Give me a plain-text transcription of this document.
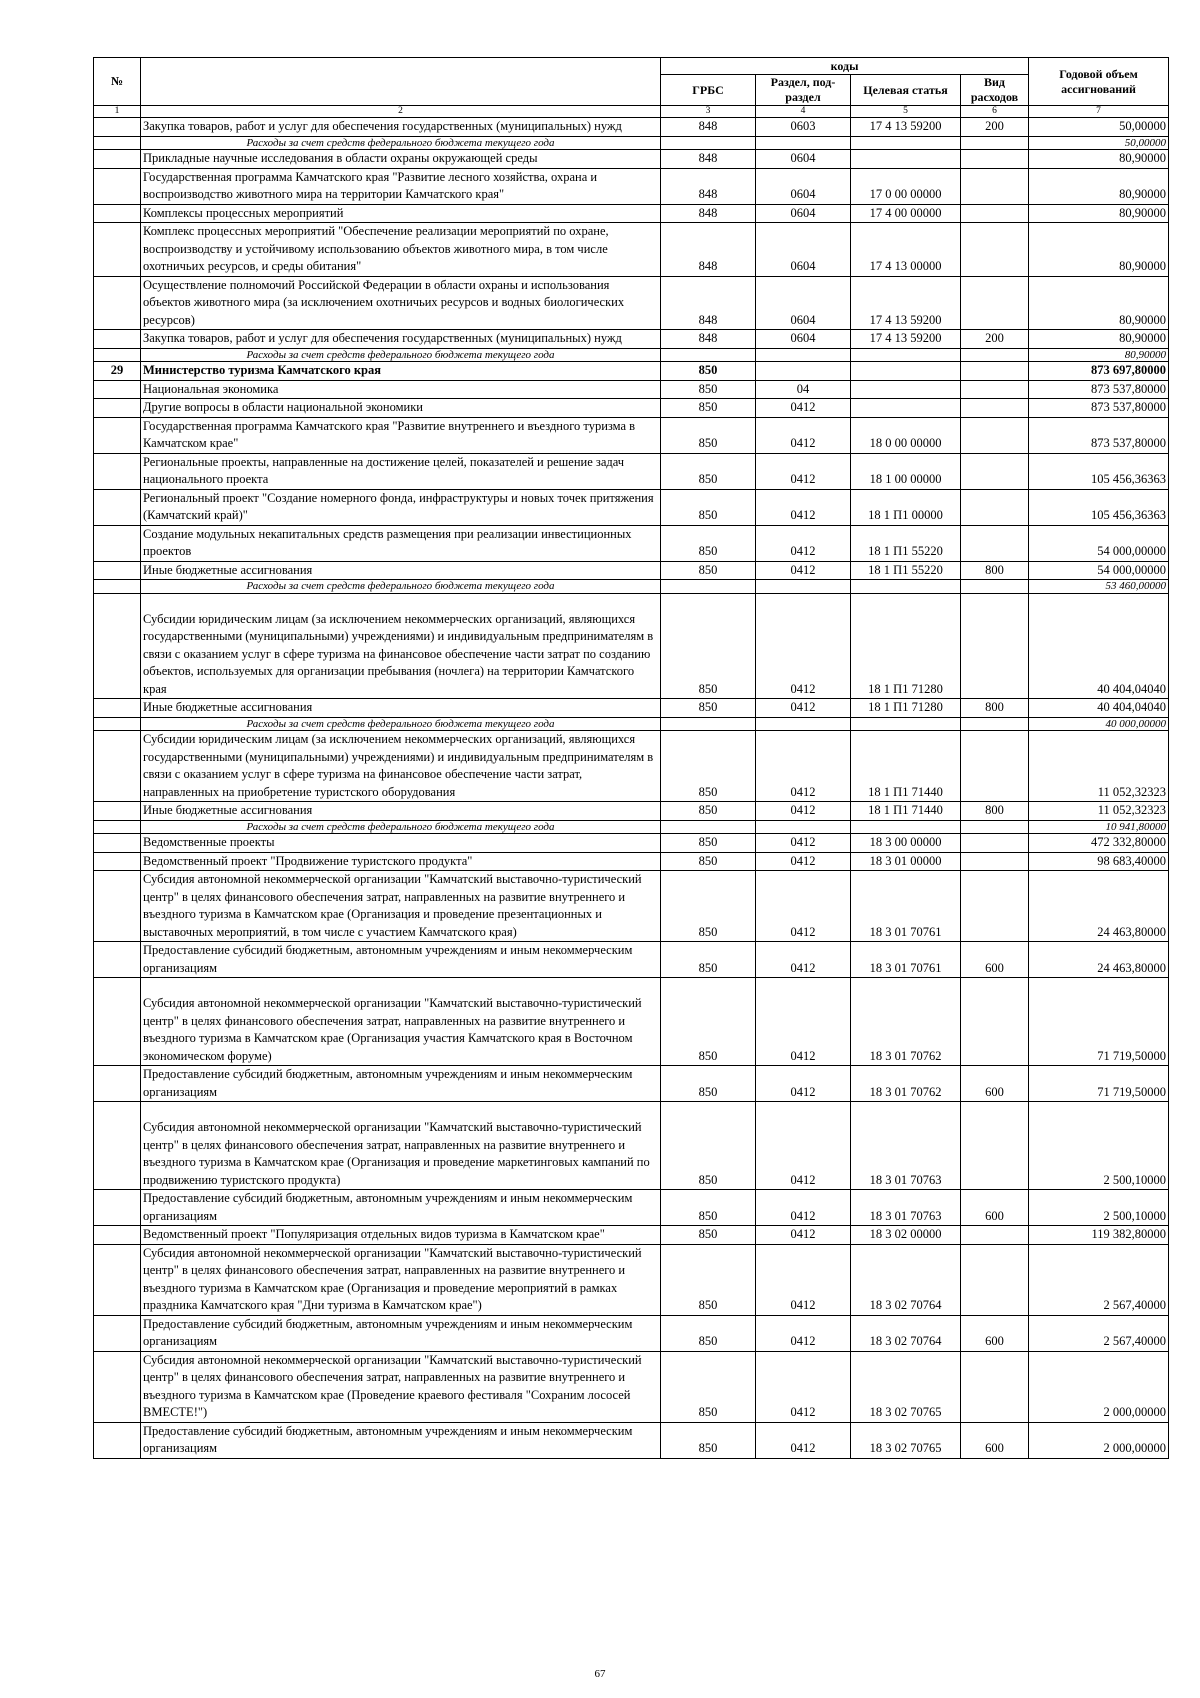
№		коды				Годовой объем ассигнований
		ГРБС	Раздел, под-раздел	Целевая статья	Вид расходов	
1	2	3	4	5	6	7
	Закупка товаров, работ и услуг для обеспечения государственных (муниципальных) нужд	848	0603	17 4 13 59200	200	50,00000
	Расходы за счет средств федерального бюджета текущего года					50,00000
	Прикладные научные исследования в области охраны окружающей среды	848	0604			80,90000
	Государственная программа Камчатского края "Развитие лесного хозяйства, охрана и воспроизводство животного мира на территории Камчатского края"	848	0604	17 0 00 00000		80,90000
	Комплексы процессных мероприятий	848	0604	17 4 00 00000		80,90000
	Комплекс процессных мероприятий "Обеспечение реализации мероприятий по охране, воспроизводству и устойчивому использованию объектов животного мира, в том числе охотничьих ресурсов, и среды обитания"	848	0604	17 4 13 00000		80,90000
	Осуществление полномочий Российской Федерации в области охраны и использования объектов животного мира (за исключением охотничьих ресурсов и водных биологических ресурсов)	848	0604	17 4 13 59200		80,90000
	Закупка товаров, работ и услуг для обеспечения государственных (муниципальных) нужд	848	0604	17 4 13 59200	200	80,90000
	Расходы за счет средств федерального бюджета текущего года					80,90000
29	Министерство туризма Камчатского края	850				873 697,80000
	Национальная экономика	850	04			873 537,80000
	Другие вопросы в области национальной экономики	850	0412			873 537,80000
	Государственная программа Камчатского края "Развитие внутреннего и въездного туризма в Камчатском крае"	850	0412	18 0 00 00000		873 537,80000
	Региональные проекты, направленные на достижение целей, показателей и решение задач национального проекта	850	0412	18 1 00 00000		105 456,36363
	Региональный проект "Создание номерного фонда, инфраструктуры и новых точек притяжения (Камчатский край)"	850	0412	18 1 П1 00000		105 456,36363
	Создание модульных некапитальных средств размещения при реализации инвестиционных проектов	850	0412	18 1 П1 55220		54 000,00000
	Иные бюджетные ассигнования	850	0412	18 1 П1 55220	800	54 000,00000
	Расходы за счет средств федерального бюджета текущего года					53 460,00000
	Субсидии юридическим лицам (за исключением некоммерческих организаций, являющихся государственными (муниципальными) учреждениями) и индивидуальным предпринимателям в связи с оказанием услуг в сфере туризма на финансовое обеспечение части затрат по созданию объектов, используемых для организации пребывания (ночлега) на территории Камчатского края	850	0412	18 1 П1 71280		40 404,04040
	Иные бюджетные ассигнования	850	0412	18 1 П1 71280	800	40 404,04040
	Расходы за счет средств федерального бюджета текущего года					40 000,00000
	Субсидии юридическим лицам (за исключением некоммерческих организаций, являющихся государственными (муниципальными) учреждениями) и индивидуальным предпринимателям в связи с оказанием услуг в сфере туризма на финансовое обеспечение части затрат, направленных на приобретение туристского оборудования	850	0412	18 1 П1 71440		11 052,32323
	Иные бюджетные ассигнования	850	0412	18 1 П1 71440	800	11 052,32323
	Расходы за счет средств федерального бюджета текущего года					10 941,80000
	Ведомственные проекты	850	0412	18 3 00 00000		472 332,80000
	Ведомственный проект "Продвижение туристского продукта"	850	0412	18 3 01 00000		98 683,40000
	Субсидия автономной некоммерческой организации "Камчатский выставочно-туристический центр" в целях финансового обеспечения затрат, направленных на развитие внутреннего и въездного туризма в Камчатском крае (Организация и проведение презентационных и выставочных мероприятий, в том числе с участием Камчатского края)	850	0412	18 3 01 70761		24 463,80000
	Предоставление субсидий бюджетным, автономным учреждениям и иным некоммерческим организациям	850	0412	18 3 01 70761	600	24 463,80000
	Субсидия автономной некоммерческой организации "Камчатский выставочно-туристический центр" в целях финансового обеспечения затрат, направленных на развитие внутреннего и въездного туризма в Камчатском крае (Организация участия Камчатского края в Восточном экономическом форуме)	850	0412	18 3 01 70762		71 719,50000
	Предоставление субсидий бюджетным, автономным учреждениям и иным некоммерческим организациям	850	0412	18 3 01 70762	600	71 719,50000
	Субсидия автономной некоммерческой организации "Камчатский выставочно-туристический центр" в целях финансового обеспечения затрат, направленных на развитие внутреннего и въездного туризма в Камчатском крае (Организация и проведение маркетинговых кампаний по продвижению туристского продукта)	850	0412	18 3 01 70763		2 500,10000
	Предоставление субсидий бюджетным, автономным учреждениям и иным некоммерческим организациям	850	0412	18 3 01 70763	600	2 500,10000
	Ведомственный проект "Популяризация отдельных видов туризма в Камчатском крае"	850	0412	18 3 02 00000		119 382,80000
	Субсидия автономной некоммерческой организации "Камчатский выставочно-туристический центр" в целях финансового обеспечения затрат, направленных на развитие внутреннего и въездного туризма в Камчатском крае (Организация и проведение мероприятий в рамках праздника Камчатского края "Дни туризма в Камчатском крае")	850	0412	18 3 02 70764		2 567,40000
	Предоставление субсидий бюджетным, автономным учреждениям и иным некоммерческим организациям	850	0412	18 3 02 70764	600	2 567,40000
	Субсидия автономной некоммерческой организации "Камчатский выставочно-туристический центр" в целях финансового обеспечения затрат, направленных на развитие внутреннего и въездного туризма в Камчатском крае (Проведение краевого фестиваля "Сохраним лососей ВМЕСТЕ!")	850	0412	18 3 02 70765		2 000,00000
	Предоставление субсидий бюджетным, автономным учреждениям и иным некоммерческим организациям	850	0412	18 3 02 70765	600	2 000,00000
67
